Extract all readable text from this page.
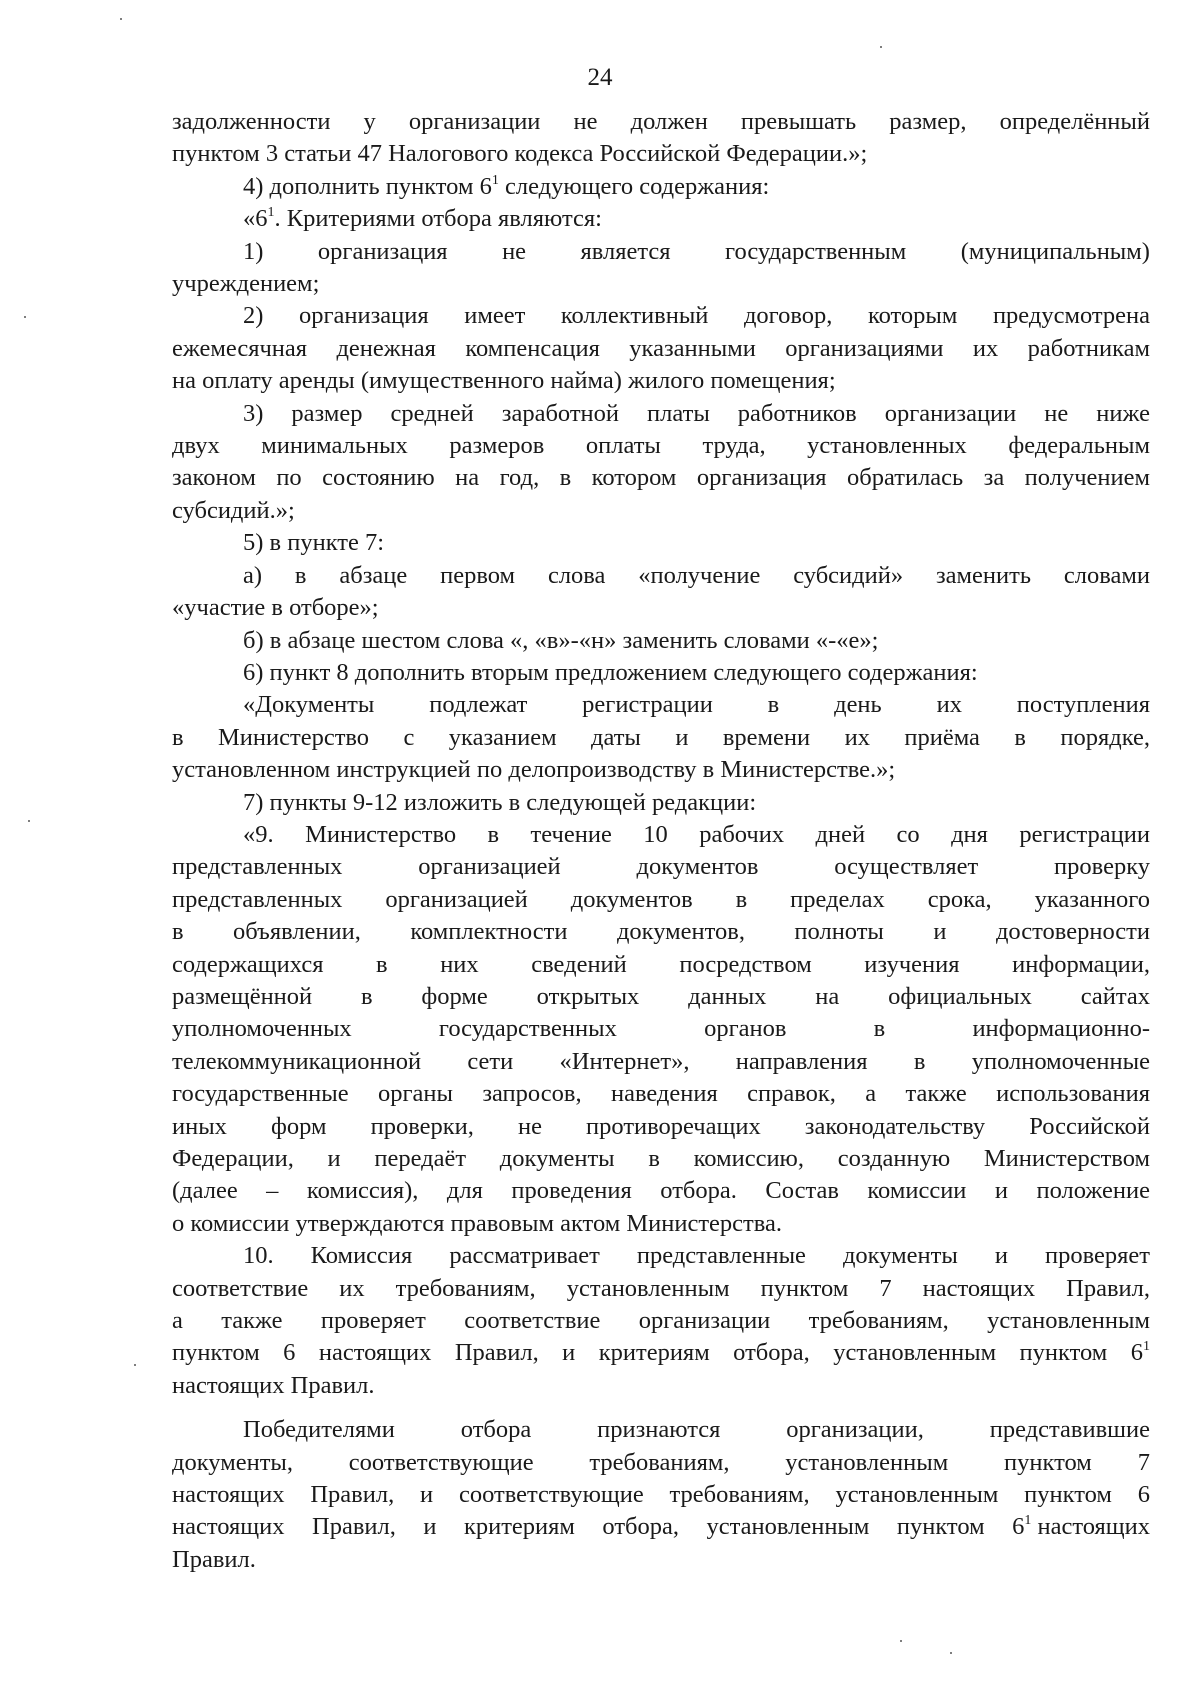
24
задолженности у организации не должен превышать размер, определённый
пунктом 3 статьи 47 Налогового кодекса Российской Федерации.»;
4) дополнить пунктом $6^1$ следующего содержания:
«$6^1$. Критериями отбора являются:
1) организация не является государственным (муниципальным)
учреждением;
2) организация имеет коллективный договор, которым предусмотрена
ежемесячная денежная компенсация указанными организациями их работникам
на оплату аренды (имущественного найма) жилого помещения;
3) размер средней заработной платы работников организации не ниже
двух минимальных размеров оплаты труда, установленных федеральным
законом по состоянию на год, в котором организация обратилась за получением
субсидий.»;
5) в пункте 7:
а) в абзаце первом слова «получение субсидий» заменить словами
«участие в отборе»;
б) в абзаце шестом слова «, «в»-«н» заменить словами «-«е»;
6) пункт 8 дополнить вторым предложением следующего содержания:
«Документы подлежат регистрации в день их поступления
в Министерство с указанием даты и времени их приёма в порядке,
установленном инструкцией по делопроизводству в Министерстве.»;
7) пункты 9-12 изложить в следующей редакции:
«9. Министерство в течение 10 рабочих дней со дня регистрации
представленных организацией документов осуществляет проверку
представленных организацией документов в пределах срока, указанного
в объявлении, комплектности документов, полноты и достоверности
содержащихся в них сведений посредством изучения информации,
размещённой в форме открытых данных на официальных сайтах
уполномоченных государственных органов в информационно-
телекоммуникационной сети «Интернет», направления в уполномоченные
государственные органы запросов, наведения справок, а также использования
иных форм проверки, не противоречащих законодательству Российской
Федерации, и передаёт документы в комиссию, созданную Министерством
(далее – комиссия), для проведения отбора. Состав комиссии и положение
о комиссии утверждаются правовым актом Министерства.
10. Комиссия рассматривает представленные документы и проверяет
соответствие их требованиям, установленным пунктом 7 настоящих Правил,
а также проверяет соответствие организации требованиям, установленным
пунктом 6 настоящих Правил, и критериям отбора, установленным пунктом $6^1$
настоящих Правил.
Победителями отбора признаются организации, представившие
документы, соответствующие требованиям, установленным пунктом 7
настоящих Правил, и соответствующие требованиям, установленным пунктом 6
настоящих Правил, и критериям отбора, установленным пунктом $6^1$ настоящих
Правил.
